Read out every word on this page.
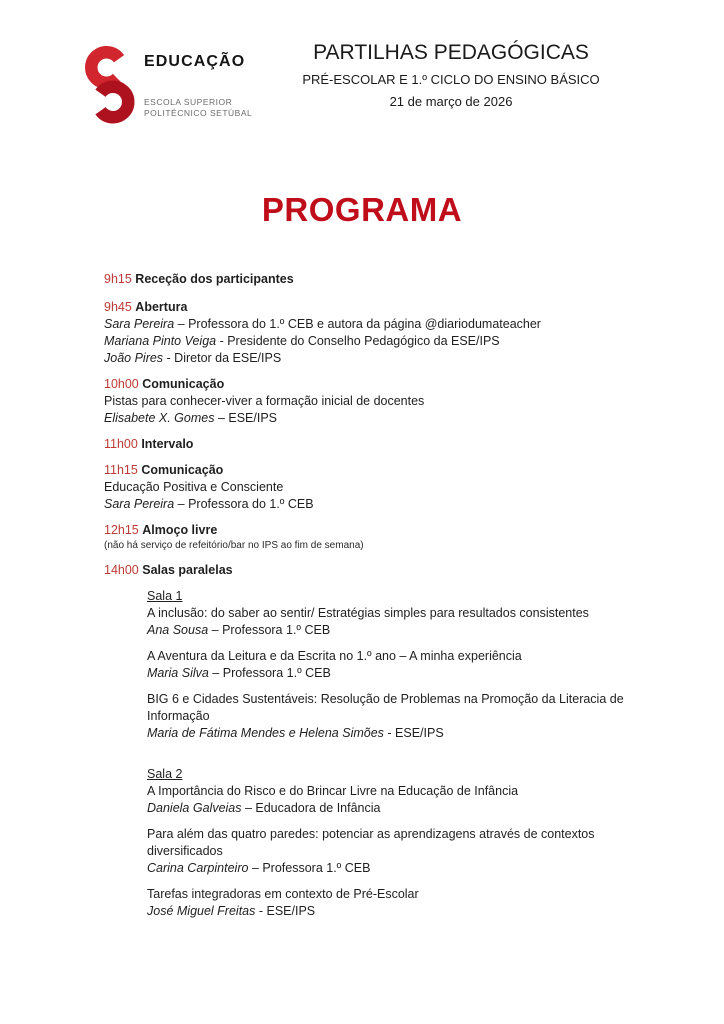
EDUCAÇÃO
ESCOLA SUPERIOR
POLITÉCNICO SETÚBAL
PARTILHAS PEDAGÓGICAS
PRÉ-ESCOLAR E 1.º CICLO DO ENSINO BÁSICO
21 de março de 2026
PROGRAMA
9h15 Receção dos participantes
9h45 Abertura
Sara Pereira – Professora do 1.º CEB e autora da página @diariodumateacher
Mariana Pinto Veiga - Presidente do Conselho Pedagógico da ESE/IPS
João Pires - Diretor da ESE/IPS
10h00 Comunicação
Pistas para conhecer-viver a formação inicial de docentes
Elisabete X. Gomes – ESE/IPS
11h00 Intervalo
11h15 Comunicação
Educação Positiva e Consciente
Sara Pereira – Professora do 1.º CEB
12h15 Almoço livre
(não há serviço de refeitório/bar no IPS ao fim de semana)
14h00 Salas paralelas
Sala 1
A inclusão: do saber ao sentir/ Estratégias simples para resultados consistentes
Ana Sousa – Professora 1.º CEB
A Aventura da Leitura e da Escrita no 1.º ano – A minha experiência
Maria Silva – Professora 1.º CEB
BIG 6 e Cidades Sustentáveis: Resolução de Problemas na Promoção da Literacia de Informação
Maria de Fátima Mendes e Helena Simões - ESE/IPS
Sala 2
A Importância do Risco e do Brincar Livre na Educação de Infância
Daniela Galveias – Educadora de Infância
Para além das quatro paredes: potenciar as aprendizagens através de contextos diversificados
Carina Carpinteiro – Professora 1.º CEB
Tarefas integradoras em contexto de Pré-Escolar
José Miguel Freitas - ESE/IPS
